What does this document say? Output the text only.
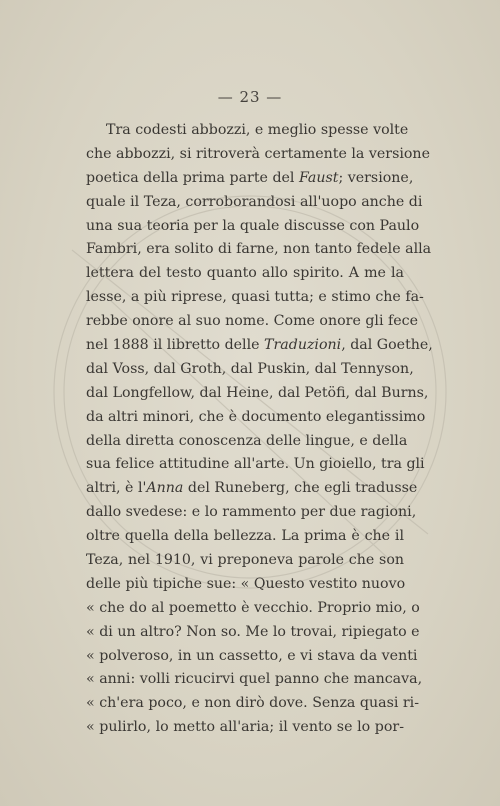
— 23 —
Tra codesti abbozzi, e meglio spesse volte
che abbozzi, si ritroverà certamente la versione
poetica della prima parte del Faust; versione,
quale il Teza, corroborandosi all'uopo anche di
una sua teoria per la quale discusse con Paulo
Fambri, era solito di farne, non tanto fedele alla
lettera del testo quanto allo spirito. A me la
lesse, a più riprese, quasi tutta; e stimo che fa-
rebbe onore al suo nome. Come onore gli fece
nel 1888 il libretto delle Traduzioni, dal Goethe,
dal Voss, dal Groth, dal Puskin, dal Tennyson,
dal Longfellow, dal Heine, dal Petöfi, dal Burns,
da altri minori, che è documento elegantissimo
della diretta conoscenza delle lingue, e della
sua felice attitudine all'arte. Un gioiello, tra gli
altri, è l'Anna del Runeberg, che egli tradusse
dallo svedese: e lo rammento per due ragioni,
oltre quella della bellezza. La prima è che il
Teza, nel 1910, vi preponeva parole che son
delle più tipiche sue: « Questo vestito nuovo
« che do al poemetto è vecchio. Proprio mio, o
« di un altro? Non so. Me lo trovai, ripiegato e
« polveroso, in un cassetto, e vi stava da venti
« anni: volli ricucirvi quel panno che mancava,
« ch'era poco, e non dirò dove. Senza quasi ri-
« pulirlo, lo metto all'aria; il vento se lo por-
